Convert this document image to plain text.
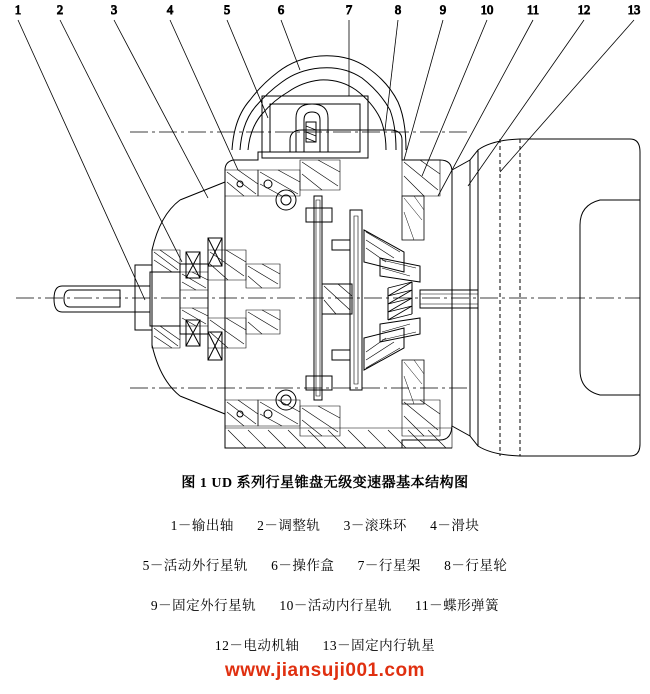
1	2	3	4	5	6	7	8	9	10	11	12	13
图 1 UD 系列行星锥盘无级变速器基本结构图
1－输出轴      2－调整轨      3－滚珠环      4－滑块
5－活动外行星轨      6－操作盒      7－行星架      8－行星轮
9－固定外行星轨      10－活动内行星轨      11－蝶形弹簧
12－电动机轴      13－固定内行轨星
www.jiansuji001.com
